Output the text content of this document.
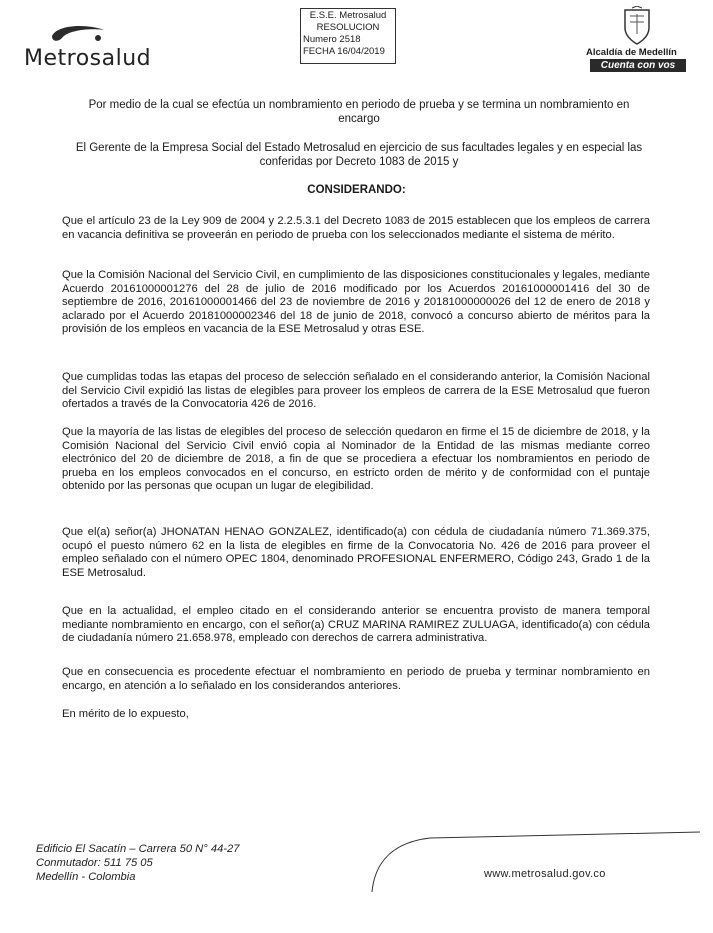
Metrosalud
E.S.E. Metrosalud
RESOLUCION
Numero 2518
FECHA 16/04/2019	Alcaldía de Medellín
Cuenta con vos
Por medio de la cual se efectúa un nombramiento en periodo de prueba y se termina un nombramiento en encargo
El Gerente de la Empresa Social del Estado Metrosalud en ejercicio de sus facultades legales y en especial las conferidas por Decreto 1083 de 2015 y
CONSIDERANDO:
Que el artículo 23 de la Ley 909 de 2004 y 2.2.5.3.1 del Decreto 1083 de 2015 establecen que los empleos de carrera en vacancia definitiva se proveerán en periodo de prueba con los seleccionados mediante el sistema de mérito.
Que la Comisión Nacional del Servicio Civil, en cumplimiento de las disposiciones constitucionales y legales, mediante Acuerdo 20161000001276 del 28 de julio de 2016 modificado por los Acuerdos 20161000001416 del 30 de septiembre de 2016, 20161000001466 del 23 de noviembre de 2016 y 20181000000026 del 12 de enero de 2018 y aclarado por el Acuerdo 20181000002346 del 18 de junio de 2018, convocó a concurso abierto de méritos para la provisión de los empleos en vacancia de la ESE Metrosalud y otras ESE.
Que cumplidas todas las etapas del proceso de selección señalado en el considerando anterior, la Comisión Nacional del Servicio Civil expidió las listas de elegibles para proveer los empleos de carrera de la ESE Metrosalud que fueron ofertados a través de la Convocatoria 426 de 2016.
Que la mayoría de las listas de elegibles del proceso de selección quedaron en firme el 15 de diciembre de 2018, y la Comisión Nacional del Servicio Civil envió copia al Nominador de la Entidad de las mismas mediante correo electrónico del 20 de diciembre de 2018, a fin de que se procediera a efectuar los nombramientos en periodo de prueba en los empleos convocados en el concurso, en estricto orden de mérito y de conformidad con el puntaje obtenido por las personas que ocupan un lugar de elegibilidad.
Que el(a) señor(a) JHONATAN HENAO GONZALEZ, identificado(a) con cédula de ciudadanía número 71.369.375, ocupó el puesto número 62 en la lista de elegibles en firme de la Convocatoria No. 426 de 2016 para proveer el empleo señalado con el número OPEC 1804, denominado PROFESIONAL ENFERMERO, Código 243, Grado 1 de la ESE Metrosalud.
Que en la actualidad, el empleo citado en el considerando anterior se encuentra provisto de manera temporal mediante nombramiento en encargo, con el señor(a) CRUZ MARINA RAMIREZ ZULUAGA, identificado(a) con cédula de ciudadanía número 21.658.978, empleado con derechos de carrera administrativa.
Que en consecuencia es procedente efectuar el nombramiento en periodo de prueba y terminar nombramiento en encargo, en atención a lo señalado en los considerandos anteriores.
En mérito de lo expuesto,
Edificio El Sacatín – Carrera 50 N° 44-27
Conmutador: 511 75 05
Medellín - Colombia	www.metrosalud.gov.co
